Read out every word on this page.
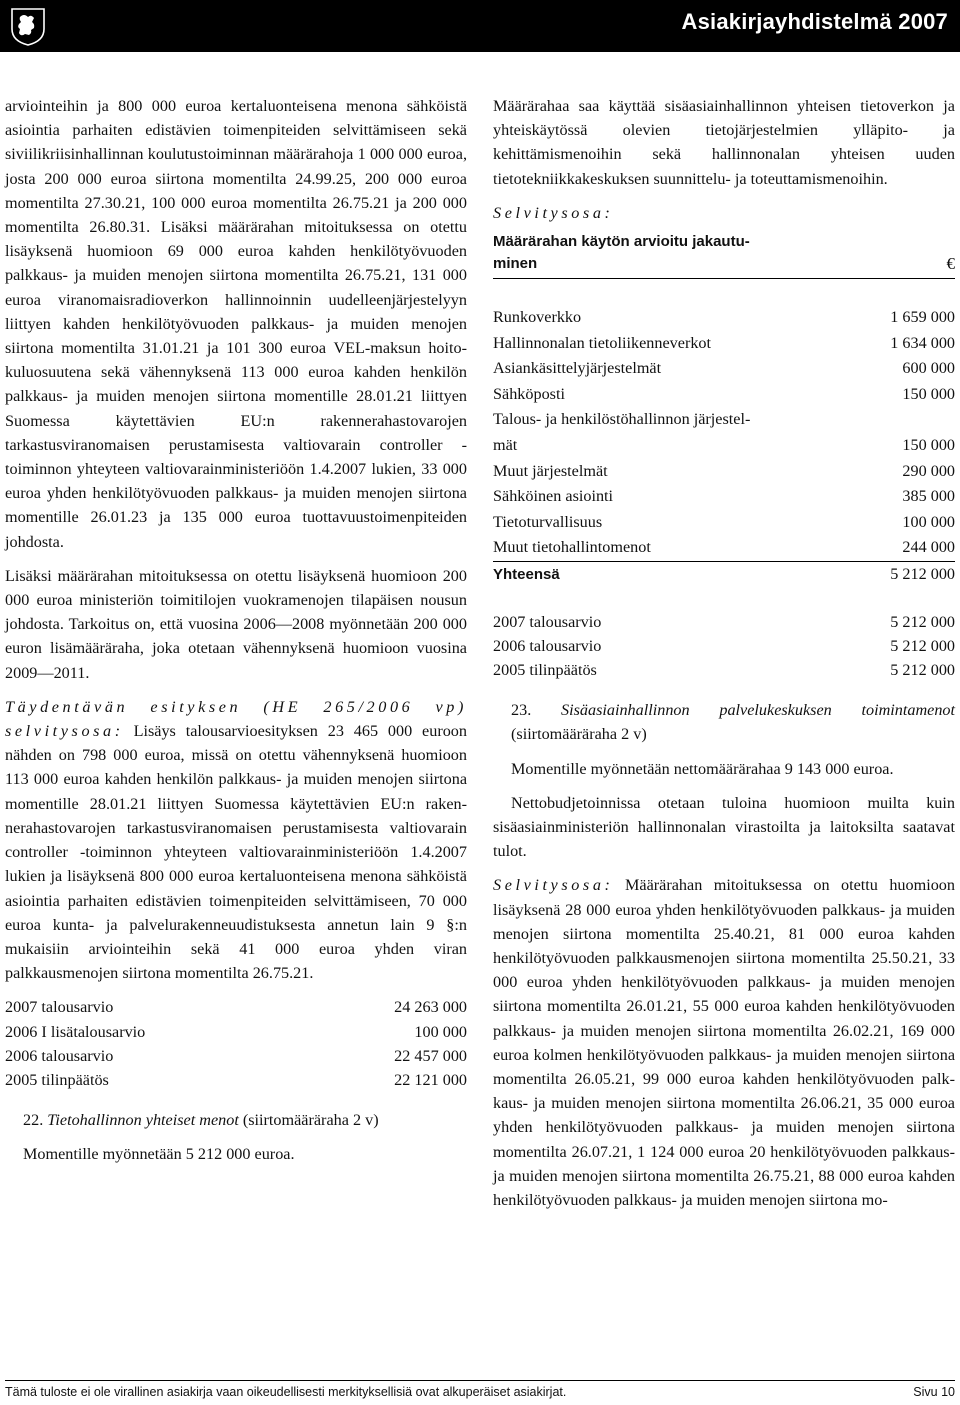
Asiakirjayhdistelmä 2007

arviointeihin ja 800 000 euroa kertaluonteisena menona sähköistä asiointia parhaiten edistävien toimenpiteiden selvittämiseen sekä siviilikriisinhallinnan koulutustoiminnan määrärahoja 1 000 000 euroa, josta 200 000 euroa siirtona momentilta 24.99.25, 200 000 euroa momentilta 27.30.21, 100 000 euroa momentilta 26.75.21 ja 200 000 momentilta 26.80.31. Lisäksi määrärahan mitoituksessa on otettu lisäyksenä huomioon 69 000 euroa kahden henkilötyövuoden palkkaus- ja muiden menojen siirtona momentilta 26.75.21, 131 000 euroa viranomaisradioverkon hallinnoinnin uudelleenjärjestelyyn liittyen kahden henkilötyövuoden palkkaus- ja muiden menojen siirtona momentilta 31.01.21 ja 101 300 euroa VEL-maksun hoitokuluosuutena sekä vähennyksenä 113 000 euroa kahden henkilön palkkaus- ja muiden menojen siirtona momentille 28.01.21 liittyen Suomessa käytettävien EU:n rakennerahastovarojen tarkastusviranomaisen perustamisesta valtiovarain controller -toiminnon yhteyteen valtiovarainministeriöön 1.4.2007 lukien, 33 000 euroa yhden henkilötyövuoden palkkaus- ja muiden menojen siirtona momentille 26.01.23 ja 135 000 euroa tuottavuustoimenpiteiden johdosta.

Lisäksi määrärahan mitoituksessa on otettu lisäyksenä huomioon 200 000 euroa ministeriön toimitilojen vuokramenojen tilapäisen nousun johdosta. Tarkoitus on, että vuosina 2006—2008 myönnetään 200 000 euron lisämääräraha, joka otetaan vähennyksenä huomioon vuosina 2009—2011.

Täydentävän esityksen (HE 265/2006 vp) selvitysosa: Lisäys talousarvioesityksen 23 465 000 euroon nähden on 798 000 euroa, missä on otettu vähennyksenä huomioon 113 000 euroa kahden henkilön palkkaus- ja muiden menojen siirtona momentille 28.01.21 liittyen Suomessa käytettävien EU:n rakennerahastovarojen tarkastusviranomaisen perustamisesta valtiovarain controller -toiminnon yhteyteen valtiovarainministeriöön 1.4.2007 lukien ja lisäyksenä 800 000 euroa kertaluonteisena menona sähköistä asiointia parhaiten edistävien toimenpiteiden selvittämiseen, 70 000 euroa kunta- ja palvelurakenneuudistuksesta annetun lain 9 §:n mukaisiin arviointeihin sekä 41 000 euroa yhden viran palkkausmenojen siirtona momentilta 26.75.21.

2007 talousarvio	24 263 000
2006 I lisätalousarvio	100 000
2006 talousarvio	22 457 000
2005 tilinpäätös	22 121 000

22. Tietohallinnon yhteiset menot (siirtomääräraha 2 v)

Momentille myönnetään 5 212 000 euroa.

Määrärahaa saa käyttää sisäasiainhallinnon yhteisen tietoverkon ja yhteiskäytössä olevien tietojärjestelmien ylläpito- ja kehittämismenoihin sekä hallinnonalan yhteisen uuden tietotekniikkakeskuksen suunnittelu- ja toteuttamismenoihin.

Selvitysosa:

Määrärahan käytön arvioitu jakautu-
minen	€
Runkoverkko	1 659 000
Hallinnonalan tietoliikenneverkot	1 634 000
Asiankäsittelyjärjestelmät	600 000
Sähköposti	150 000

Talous- ja henkilöstöhallinnon järjestel-
mät	150 000
Muut järjestelmät	290 000
Sähköinen asiointi	385 000
Tietoturvallisuus	100 000
Muut tietohallintomenot	244 000
Yhteensä	5 212 000
2007 talousarvio	5 212 000
2006 talousarvio	5 212 000
2005 tilinpäätös	5 212 000

23. Sisäasiainhallinnon palvelukeskuksen toimintamenot (siirtomääräraha 2 v)

Momentille myönnetään nettomäärärahaa 9 143 000 euroa.

Nettobudjetoinnissa otetaan tuloina huomioon muilta kuin sisäasiainministeriön hallinnonalan virastoilta ja laitoksilta saatavat tulot.

Selvitysosa: Määrärahan mitoituksessa on otettu huomioon lisäyksenä 28 000 euroa yhden henkilötyövuoden palkkaus- ja muiden menojen siirtona momentilta 25.40.21, 81 000 euroa kahden henkilötyövuoden palkkausmenojen siirtona momentilta 25.50.21, 33 000 euroa yhden henkilötyövuoden palkkaus- ja muiden menojen siirtona momentilta 26.01.21, 55 000 euroa kahden henkilötyövuoden palkkaus- ja muiden menojen siirtona momentilta 26.02.21, 169 000 euroa kolmen henkilötyövuoden palkkaus- ja muiden menojen siirtona momentilta 26.05.21, 99 000 euroa kahden henkilötyövuoden palkkaus- ja muiden menojen siirtona momentilta 26.06.21, 35 000 euroa yhden henkilötyövuoden palkkaus- ja muiden menojen siirtona momentilta 26.07.21, 1 124 000 euroa 20 henkilötyövuoden palkkaus- ja muiden menojen siirtona momentilta 26.75.21, 88 000 euroa kahden henkilötyövuoden palkkaus- ja muiden menojen siirtona mo-

Tämä tuloste ei ole virallinen asiakirja vaan oikeudellisesti merkityksellisiä ovat alkuperäiset asiakirjat.	Sivu 10
